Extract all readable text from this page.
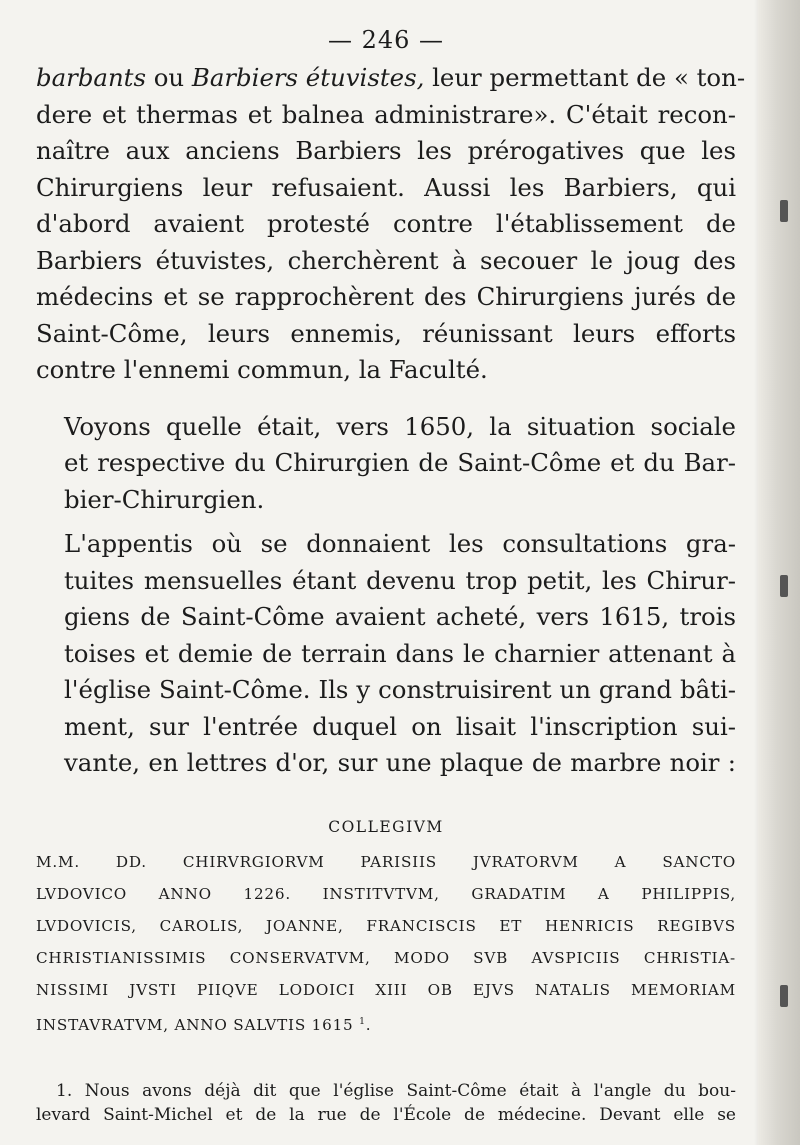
— 246 —

barbants ou Barbiers étuvistes, leur permettant de « ton-
dere et thermas et balnea administrare». C'était recon-
naître aux anciens Barbiers les prérogatives que les
Chirurgiens leur refusaient. Aussi les Barbiers, qui
d'abord avaient protesté contre l'établissement de
Barbiers étuvistes, cherchèrent à secouer le joug des
médecins et se rapprochèrent des Chirurgiens jurés de
Saint-Côme, leurs ennemis, réunissant leurs efforts
contre l'ennemi commun, la Faculté.

Voyons quelle était, vers 1650, la situation sociale
et respective du Chirurgien de Saint-Côme et du Bar-
bier-Chirurgien.

L'appentis où se donnaient les consultations gra-
tuites mensuelles étant devenu trop petit, les Chirur-
giens de Saint-Côme avaient acheté, vers 1615, trois
toises et demie de terrain dans le charnier attenant à
l'église Saint-Côme. Ils y construisirent un grand bâti-
ment, sur l'entrée duquel on lisait l'inscription sui-
vante, en lettres d'or, sur une plaque de marbre noir :

COLLEGIVM
M.M. DD. CHIRVRGIORVM PARISIIS JVRATORVM A SANCTO
LVDOVICO ANNO 1226. INSTITVTVM, GRADATIM A PHILIPPIS,
LVDOVICIS, CAROLIS, JOANNE, FRANCISCIS ET HENRICIS REGIBVS
CHRISTIANISSIMIS CONSERVATVM, MODO SVB AVSPICIIS CHRISTIA-
NISSIMI JVSTI PIIQVE LODOICI XIII OB EJVS NATALIS MEMORIAM
INSTAVRATVM, ANNO SALVTIS 1615 $^1$.
1. Nous avons déjà dit que l'église Saint-Côme était à l'angle du bou-
levard Saint-Michel et de la rue de l'École de médecine. Devant elle se
